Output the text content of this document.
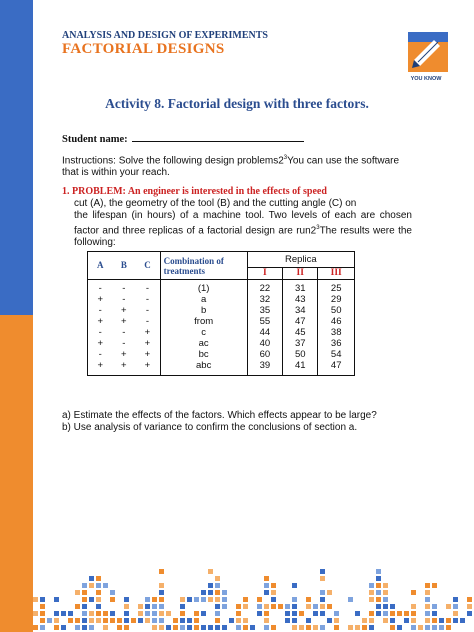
ANALYSIS AND DESIGN OF EXPERIMENTS
FACTORIAL DESIGNS
YOU KNOW
Activity 8. Factorial design with three factors.
Student name:
Instructions: Solve the following design $problems2^3You$ can use the software that is within your reach.
1. PROBLEM: An engineer is interested in the effects of speed
cut (A), the geometry of the tool (B) and the cutting angle (C) on
the lifespan (in hours) of a machine tool. Two levels of each are chosen factor and three replicas of a factorial design are $run2^3The$ results were the following:
A	B	C	Combination of treatments	Replica		
				I	II	III
-	-	-	(1)	22	31	25
+	-	-	a	32	43	29
-	+	-	b	35	34	50
+	+	-	from	55	47	46
-	-	+	c	44	45	38
+	-	+	ac	40	37	36
-	+	+	bc	60	50	54
+	+	+	abc	39	41	47
a) Estimate the effects of the factors. Which effects appear to be large?
b) Use analysis of variance to confirm the conclusions of section a.
